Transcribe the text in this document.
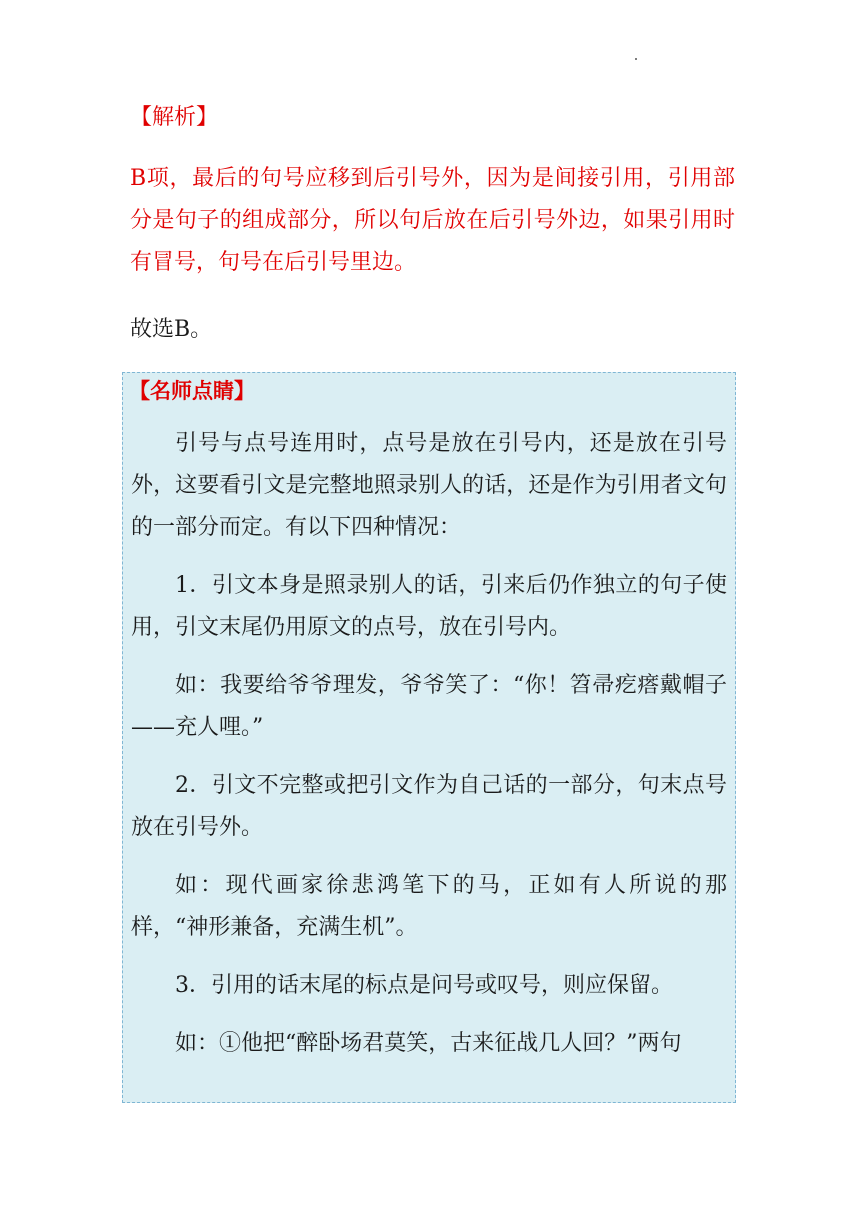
【解析】

B项，最后的句号应移到后引号外，因为是间接引用，引用部分是句子的组成部分，所以句后放在后引号外边，如果引用时有冒号，句号在后引号里边。

故选B。

【名师点睛】

引号与点号连用时，点号是放在引号内，还是放在引号外，这要看引文是完整地照录别人的话，还是作为引用者文句的一部分而定。有以下四种情况：

1．引文本身是照录别人的话，引来后仍作独立的句子使用，引文末尾仍用原文的点号，放在引号内。

如：我要给爷爷理发，爷爷笑了：“你！笤帚疙瘩戴帽子——充人哩。”

2．引文不完整或把引文作为自己话的一部分，句末点号放在引号外。

如：现代画家徐悲鸿笔下的马，正如有人所说的那样，“神形兼备，充满生机”。

3．引用的话末尾的标点是问号或叹号，则应保留。

如：①他把“醉卧场君莫笑，古来征战几人回？”两句
